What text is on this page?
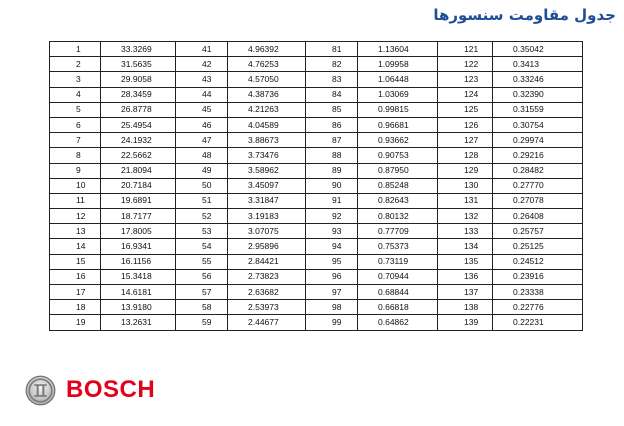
جدول مقاومت سنسورها
1	33.3269	41	4.96392	81	1.13604	121	0.35042
2	31.5635	42	4.76253	82	1.09958	122	0.3413
3	29.9058	43	4.57050	83	1.06448	123	0.33246
4	28.3459	44	4.38736	84	1.03069	124	0.32390
5	26.8778	45	4.21263	85	0.99815	125	0.31559
6	25.4954	46	4.04589	86	0.96681	126	0.30754
7	24.1932	47	3.88673	87	0.93662	127	0.29974
8	22.5662	48	3.73476	88	0.90753	128	0.29216
9	21.8094	49	3.58962	89	0.87950	129	0.28482
10	20.7184	50	3.45097	90	0.85248	130	0.27770
11	19.6891	51	3.31847	91	0.82643	131	0.27078
12	18.7177	52	3.19183	92	0.80132	132	0.26408
13	17.8005	53	3.07075	93	0.77709	133	0.25757
14	16.9341	54	2.95896	94	0.75373	134	0.25125
15	16.1156	55	2.84421	95	0.73119	135	0.24512
16	15.3418	56	2.73823	96	0.70944	136	0.23916
17	14.6181	57	2.63682	97	0.68844	137	0.23338
18	13.9180	58	2.53973	98	0.66818	138	0.22776
19	13.2631	59	2.44677	99	0.64862	139	0.22231
BOSCH
